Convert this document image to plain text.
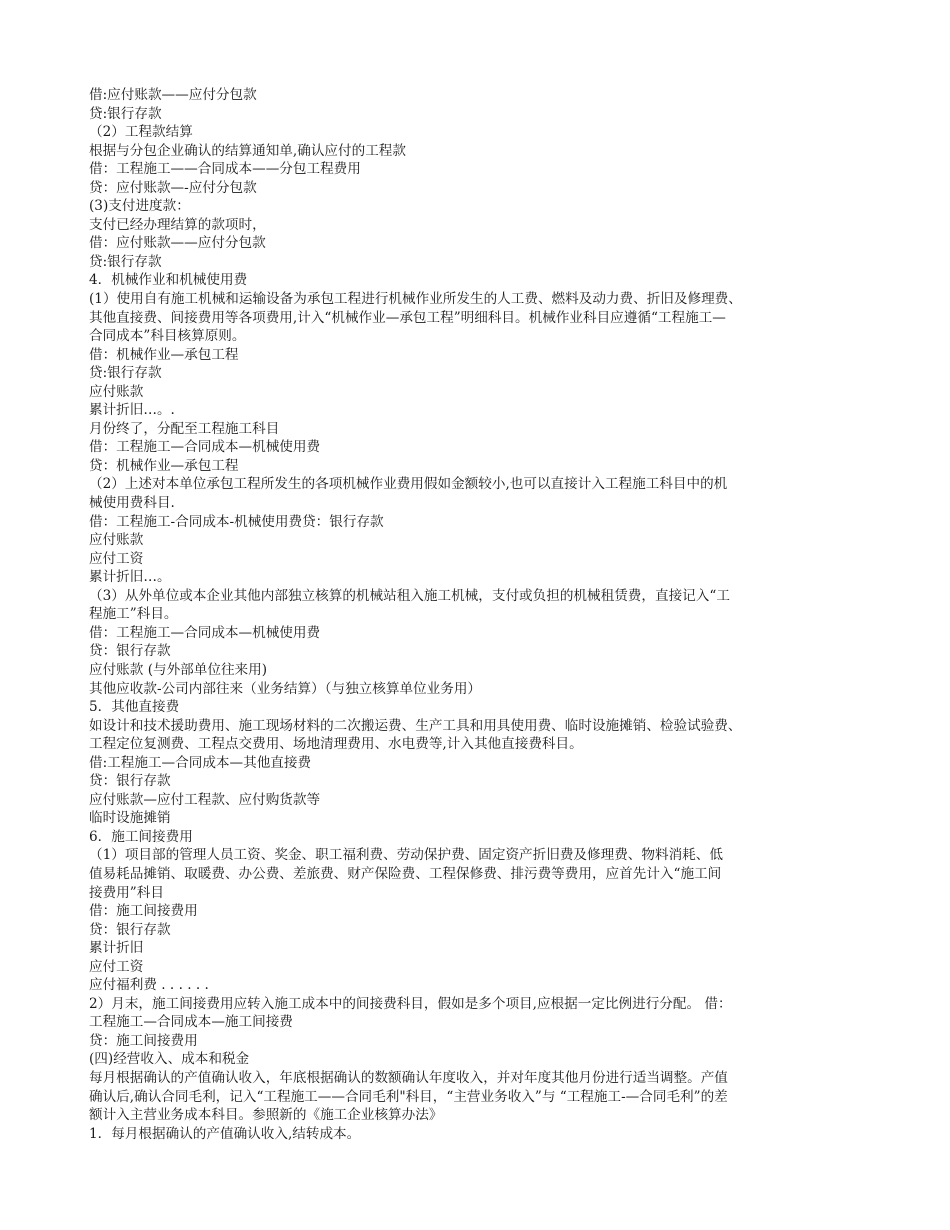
借:应付账款——应付分包款
贷:银行存款
（2）工程款结算
根据与分包企业确认的结算通知单,确认应付的工程款
借：工程施工——合同成本——分包工程费用
贷：应付账款—-应付分包款
(3)支付进度款：
支付已经办理结算的款项时，
借：应付账款——应付分包款
贷:银行存款
4．机械作业和机械使用费
(1）使用自有施工机械和运输设备为承包工程进行机械作业所发生的人工费、燃料及动力费、折旧及修理费、
其他直接费、间接费用等各项费用,计入“机械作业—承包工程”明细科目。机械作业科目应遵循“工程施工—
合同成本”科目核算原则。
借：机械作业—承包工程
贷:银行存款
应付账款
累计折旧…。.
月份终了，分配至工程施工科目
借：工程施工—合同成本—机械使用费
贷：机械作业—承包工程
（2）上述对本单位承包工程所发生的各项机械作业费用假如金额较小,也可以直接计入工程施工科目中的机
械使用费科目.
借：工程施工-合同成本-机械使用费贷：银行存款
应付账款
应付工资
累计折旧…。
（3）从外单位或本企业其他内部独立核算的机械站租入施工机械，支付或负担的机械租赁费，直接记入“工
程施工”科目。
借：工程施工—合同成本—机械使用费
贷：银行存款
应付账款 (与外部单位往来用)
其他应收款-公司内部往来（业务结算）（与独立核算单位业务用）
5．其他直接费
如设计和技术援助费用、施工现场材料的二次搬运费、生产工具和用具使用费、临时设施摊销、检验试验费、
工程定位复测费、工程点交费用、场地清理费用、水电费等,计入其他直接费科目。
借:工程施工—合同成本—其他直接费
贷：银行存款
应付账款—应付工程款、应付购货款等
临时设施摊销
6．施工间接费用
（1）项目部的管理人员工资、奖金、职工福利费、劳动保护费、固定资产折旧费及修理费、物料消耗、低
值易耗品摊销、取暖费、办公费、差旅费、财产保险费、工程保修费、排污费等费用，应首先计入“施工间
接费用”科目
借：施工间接费用
贷：银行存款
累计折旧
应付工资
应付福利费 . . . . . .
2）月末，施工间接费用应转入施工成本中的间接费科目，假如是多个项目,应根据一定比例进行分配。 借：
工程施工—合同成本—施工间接费
贷：施工间接费用
(四)经营收入、成本和税金
每月根据确认的产值确认收入，年底根据确认的数额确认年度收入，并对年度其他月份进行适当调整。产值
确认后,确认合同毛利，记入“工程施工——合同毛利"科目，“主营业务收入”与 “工程施工-—合同毛利”的差
额计入主营业务成本科目。参照新的《施工企业核算办法》
1．每月根据确认的产值确认收入,结转成本。
